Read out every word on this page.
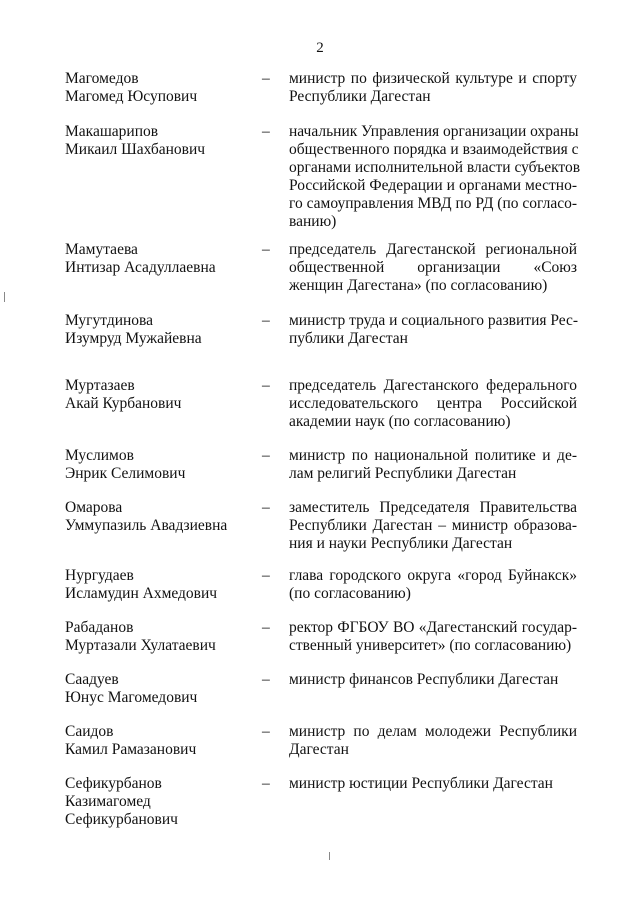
2
Магомедов
Магомед Юсупович
– министр по физической культуре и спорту
Республики Дагестан
Макашарипов
Микаил Шахбанович
– начальник Управления организации охраны
общественного порядка и взаимодействия с
органами исполнительной власти субъектов
Российской Федерации и органами местно-
го самоуправления МВД по РД (по согласо-
ванию)
Мамутаева
Интизар Асадуллаевна
– председатель Дагестанской региональной
общественной организации «Союз
женщин Дагестана» (по согласованию)
Мугутдинова
Изумруд Мужайевна
– министр труда и социального развития Рес-
публики Дагестан
Муртазаев
Акай Курбанович
– председатель Дагестанского федерального
исследовательского центра Российской
академии наук (по согласованию)
Муслимов
Энрик Селимович
– министр по национальной политике и де-
лам религий Республики Дагестан
Омарова
Уммупазиль Авадзиевна
– заместитель Председателя Правительства
Республики Дагестан – министр образова-
ния и науки Республики Дагестан
Нургудаев
Исламудин Ахмедович
– глава городского округа «город Буйнакск»
(по согласованию)
Рабаданов
Муртазали Хулатаевич
– ректор ФГБОУ ВО «Дагестанский государ-
ственный университет» (по согласованию)
Саадуев
Юнус Магомедович
– министр финансов Республики Дагестан
Саидов
Камил Рамазанович
– министр по делам молодежи Республики
Дагестан
Сефикурбанов
Казимагомед
Сефикурбанович
– министр юстиции Республики Дагестан
